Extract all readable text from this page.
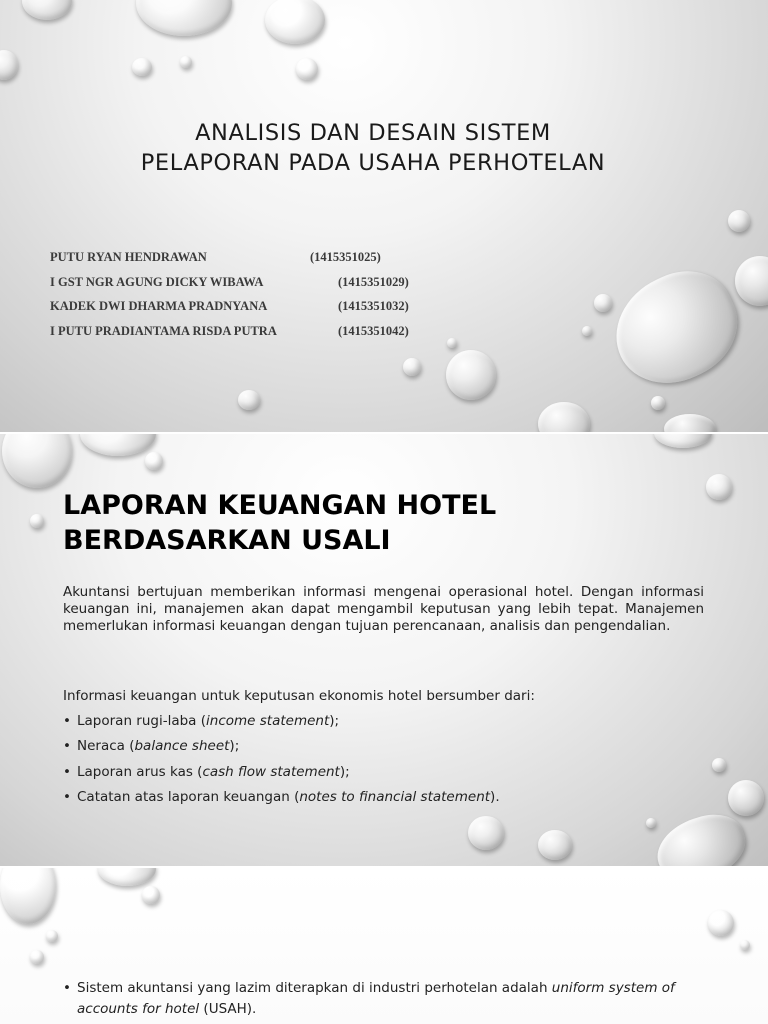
ANALISIS DAN DESAIN SISTEM
PELAPORAN PADA USAHA PERHOTELAN
PUTU RYAN HENDRAWAN	(1415351025)
I GST NGR AGUNG DICKY WIBAWA	(1415351029)
KADEK DWI DHARMA PRADNYANA	(1415351032)
I PUTU PRADIANTAMA RISDA PUTRA	(1415351042)
LAPORAN KEUANGAN HOTEL
BERDASARKAN USALI

Akuntansi bertujuan memberikan informasi mengenai operasional hotel. Dengan informasi keuangan ini, manajemen akan dapat mengambil keputusan yang lebih tepat. Manajemen memerlukan informasi keuangan dengan tujuan perencanaan, analisis dan pengendalian.

Informasi keuangan untuk keputusan ekonomis hotel bersumber dari:

• Laporan rugi-laba (income statement);
• Neraca (balance sheet);
• Laporan arus kas (cash flow statement);
• Catatan atas laporan keuangan (notes to financial statement).
• Sistem akuntansi yang lazim diterapkan di industri perhotelan adalah uniform system of accounts for hotel (USAH).
